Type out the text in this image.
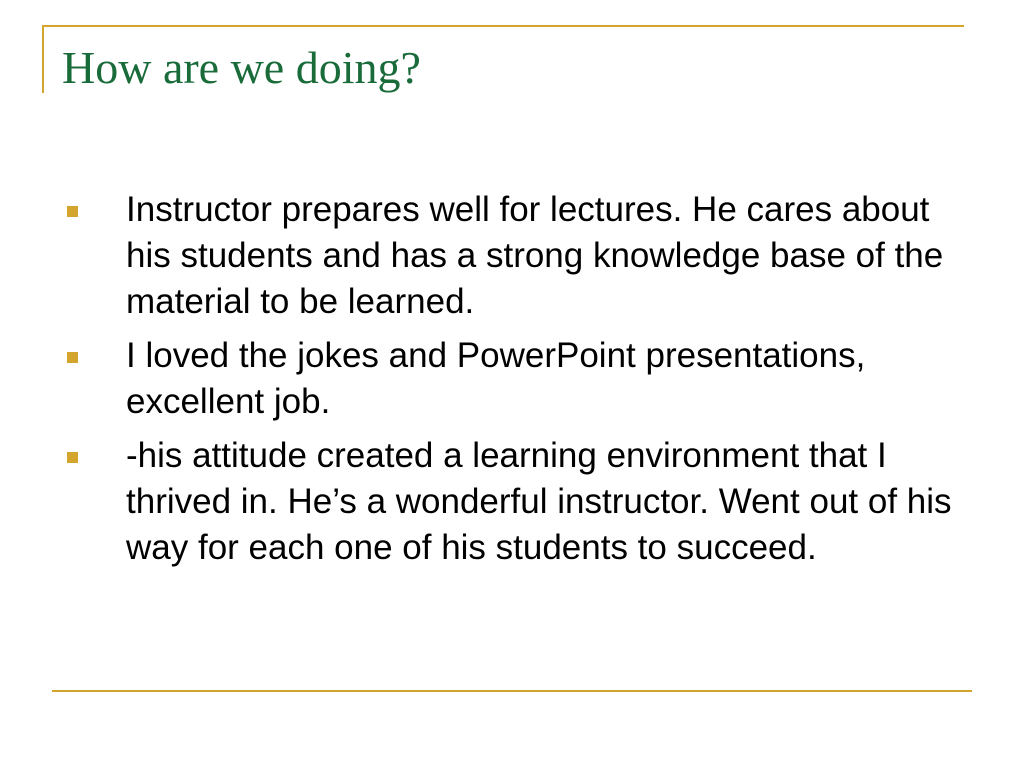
How are we doing?
Instructor prepares well for lectures. He cares about his students and has a strong knowledge base of the material to be learned.
I loved the jokes and PowerPoint presentations, excellent job.
-his attitude created a learning environment that I thrived in. He’s a wonderful instructor. Went out of his way for each one of his students to succeed.
